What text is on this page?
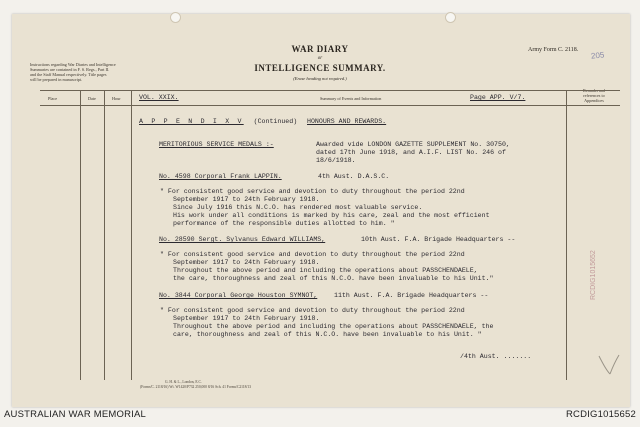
Instructions regarding War Diaries and Intelligence
Summaries are contained in F. S. Regs., Part II.
and the Staff Manual respectively. Title pages
will be prepared in manuscript.
WAR DIARY
or
INTELLIGENCE SUMMARY.
(Erase heading not required.)
Army Form C. 2118.
205
references to
Appendices
Place	Date	Hour	VOL. XXIX.	Summary of Events and Information	Page APP. V/7.
A P P E N D I X V (Continued) HONOURS AND REWARDS.
MERITORIOUS SERVICE MEDALS :-	Awarded vide LONDON GAZETTE SUPPLEMENT No. 30750,
dated 17th June 1918, and A.I.F. LIST No. 246 of
18/6/1918.
No. 4598 Corporal Frank LAPPIN.	4th Aust. D.A.S.C.
" For consistent good service and devotion to duty throughout the period 22nd
September 1917 to 24th February 1918.
Since July 1916 this N.C.O. has rendered most valuable service.
His work under all conditions is marked by his care, zeal and the most efficient
performance of the responsible duties allotted to him. "
No. 28590 Sergt. Sylvanus Edward WILLIAMS,	10th Aust. F.A. Brigade Headquarters --
" For consistent good service and devotion to duty throughout the period 22nd
September 1917 to 24th February 1918.
Throughout the above period and including the operations about PASSCHENDAELE,
the care, thoroughness and zeal of this N.C.O. have been invaluable to his Unit."
No. 3844 Corporal George Houston SYMNOT,	11th Aust. F.A. Brigade Headquarters --
" For consistent good service and devotion to duty throughout the period 22nd
September 1917 to 24th February 1918.
Throughout the above period and including the operations about PASSCHENDAELE, the
care, thoroughness and zeal of this N.C.O. have been invaluable to his Unit. "
/4th Aust. .......
G. H. & L., London, E.C.
(Forms/C. 2118/16) Wt. W1420/P732 250,000 8/16 Sch. 41 Forms/C2118/13
RCDIG1015652
AUSTRALIAN WAR MEMORIAL	RCDIG1015652
